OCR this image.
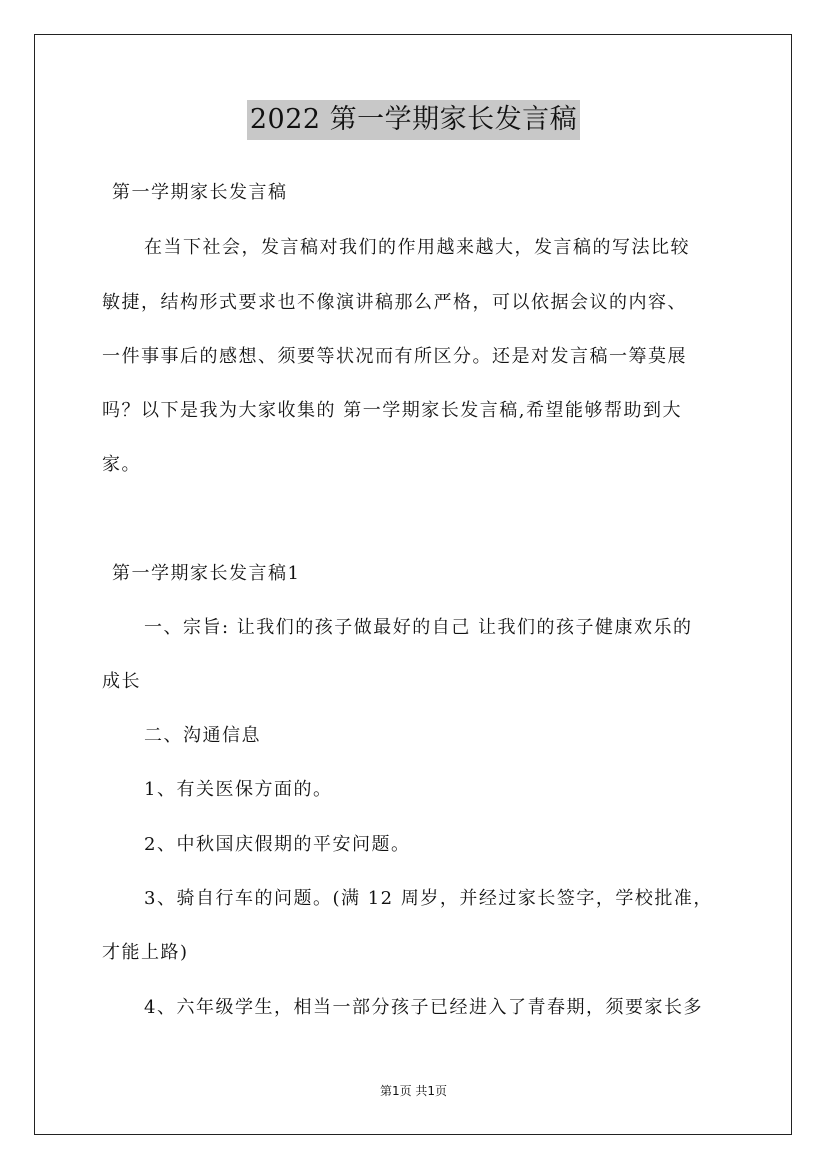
2022 第一学期家长发言稿
第一学期家长发言稿
在当下社会，发言稿对我们的作用越来越大，发言稿的写法比较
敏捷，结构形式要求也不像演讲稿那么严格，可以依据会议的内容、
一件事事后的感想、须要等状况而有所区分。还是对发言稿一筹莫展
吗？以下是我为大家收集的 第一学期家长发言稿,希望能够帮助到大
家。
第一学期家长发言稿1
一、宗旨: 让我们的孩子做最好的自己 让我们的孩子健康欢乐的
成长
二、沟通信息
1、有关医保方面的。
2、中秋国庆假期的平安问题。
3、骑自行车的问题。(满 12 周岁，并经过家长签字，学校批准，
才能上路)
4、六年级学生，相当一部分孩子已经进入了青春期，须要家长多
第1页 共1页
